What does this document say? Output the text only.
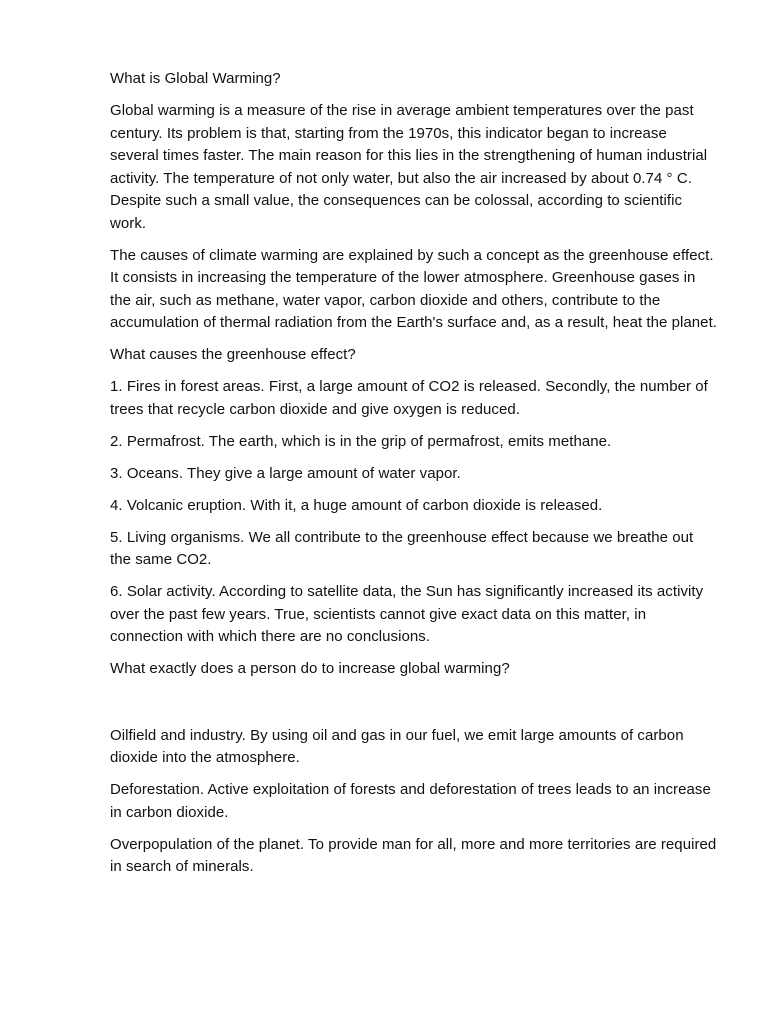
What is Global Warming?

Global warming is a measure of the rise in average ambient temperatures over the past century. Its problem is that, starting from the 1970s, this indicator began to increase several times faster. The main reason for this lies in the strengthening of human industrial activity. The temperature of not only water, but also the air increased by about 0.74 ° C. Despite such a small value, the consequences can be colossal, according to scientific work.

The causes of climate warming are explained by such a concept as the greenhouse effect. It consists in increasing the temperature of the lower atmosphere. Greenhouse gases in the air, such as methane, water vapor, carbon dioxide and others, contribute to the accumulation of thermal radiation from the Earth's surface and, as a result, heat the planet.

What causes the greenhouse effect?

1. Fires in forest areas. First, a large amount of CO2 is released. Secondly, the number of trees that recycle carbon dioxide and give oxygen is reduced.

2. Permafrost. The earth, which is in the grip of permafrost, emits methane.

3. Oceans. They give a large amount of water vapor.

4. Volcanic eruption. With it, a huge amount of carbon dioxide is released.

5. Living organisms. We all contribute to the greenhouse effect because we breathe out the same CO2.

6. Solar activity. According to satellite data, the Sun has significantly increased its activity over the past few years. True, scientists cannot give exact data on this matter, in connection with which there are no conclusions.

What exactly does a person do to increase global warming?

Oilfield and industry. By using oil and gas in our fuel, we emit large amounts of carbon dioxide into the atmosphere.

Deforestation. Active exploitation of forests and deforestation of trees leads to an increase in carbon dioxide.

Overpopulation of the planet. To provide man for all, more and more territories are required in search of minerals.
